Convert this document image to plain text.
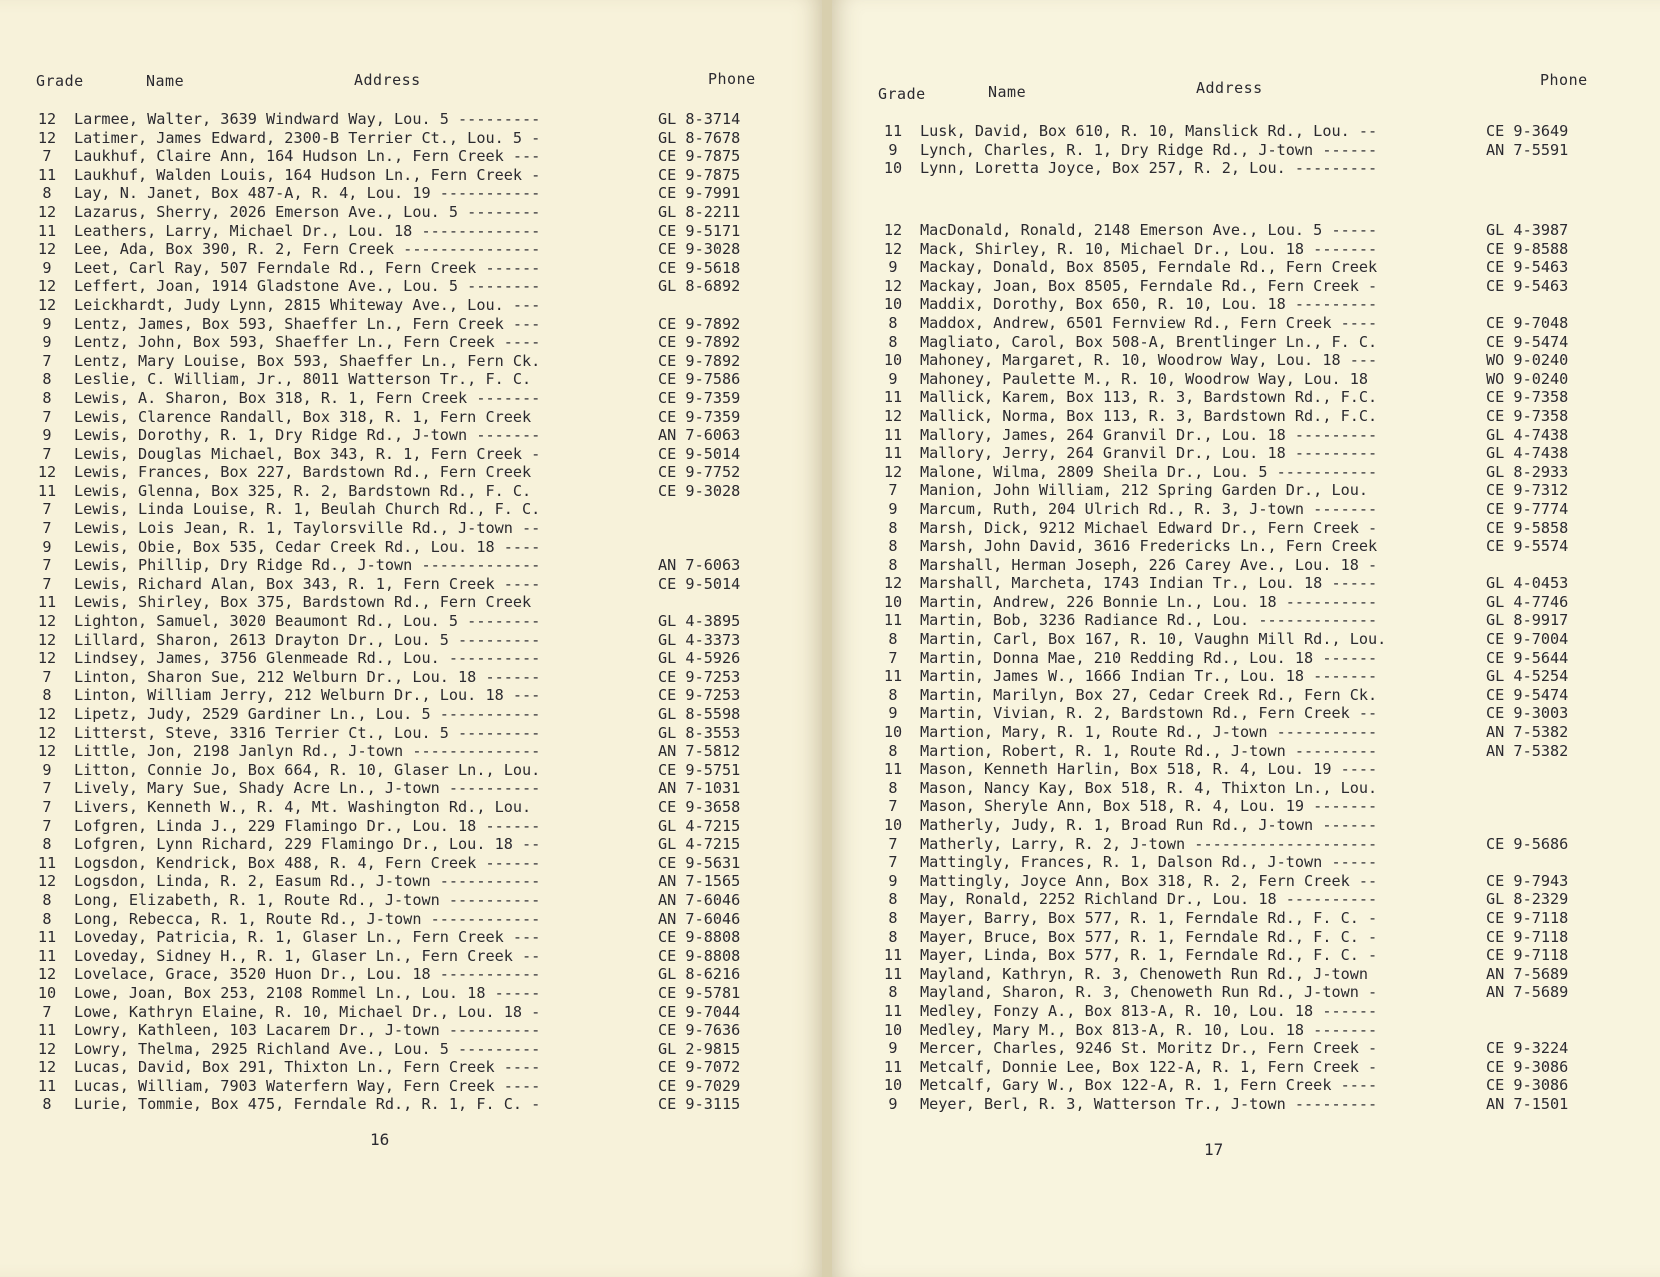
Grade	Name	Address	Phone
12	Larmee, Walter, 3639 Windward Way, Lou. 5 ---------	GL 8-3714
12	Latimer, James Edward, 2300-B Terrier Ct., Lou. 5 -	GL 8-7678
7	Laukhuf, Claire Ann, 164 Hudson Ln., Fern Creek ---	CE 9-7875
11	Laukhuf, Walden Louis, 164 Hudson Ln., Fern Creek -	CE 9-7875
8	Lay, N. Janet, Box 487-A, R. 4, Lou. 19 -----------	CE 9-7991
12	Lazarus, Sherry, 2026 Emerson Ave., Lou. 5 --------	GL 8-2211
11	Leathers, Larry, Michael Dr., Lou. 18 -------------	CE 9-5171
12	Lee, Ada, Box 390, R. 2, Fern Creek ---------------	CE 9-3028
9	Leet, Carl Ray, 507 Ferndale Rd., Fern Creek ------	CE 9-5618
12	Leffert, Joan, 1914 Gladstone Ave., Lou. 5 --------	GL 8-6892
12	Leickhardt, Judy Lynn, 2815 Whiteway Ave., Lou. ---
9	Lentz, James, Box 593, Shaeffer Ln., Fern Creek ---	CE 9-7892
9	Lentz, John, Box 593, Shaeffer Ln., Fern Creek ----	CE 9-7892
7	Lentz, Mary Louise, Box 593, Shaeffer Ln., Fern Ck.	CE 9-7892
8	Leslie, C. William, Jr., 8011 Watterson Tr., F. C.	CE 9-7586
8	Lewis, A. Sharon, Box 318, R. 1, Fern Creek -------	CE 9-7359
7	Lewis, Clarence Randall, Box 318, R. 1, Fern Creek	CE 9-7359
9	Lewis, Dorothy, R. 1, Dry Ridge Rd., J-town -------	AN 7-6063
7	Lewis, Douglas Michael, Box 343, R. 1, Fern Creek -	CE 9-5014
12	Lewis, Frances, Box 227, Bardstown Rd., Fern Creek	CE 9-7752
11	Lewis, Glenna, Box 325, R. 2, Bardstown Rd., F. C.	CE 9-3028
7	Lewis, Linda Louise, R. 1, Beulah Church Rd., F. C.
7	Lewis, Lois Jean, R. 1, Taylorsville Rd., J-town --
9	Lewis, Obie, Box 535, Cedar Creek Rd., Lou. 18 ----
7	Lewis, Phillip, Dry Ridge Rd., J-town -------------	AN 7-6063
7	Lewis, Richard Alan, Box 343, R. 1, Fern Creek ----	CE 9-5014
11	Lewis, Shirley, Box 375, Bardstown Rd., Fern Creek
12	Lighton, Samuel, 3020 Beaumont Rd., Lou. 5 --------	GL 4-3895
12	Lillard, Sharon, 2613 Drayton Dr., Lou. 5 ---------	GL 4-3373
12	Lindsey, James, 3756 Glenmeade Rd., Lou. ----------	GL 4-5926
7	Linton, Sharon Sue, 212 Welburn Dr., Lou. 18 ------	CE 9-7253
8	Linton, William Jerry, 212 Welburn Dr., Lou. 18 ---	CE 9-7253
12	Lipetz, Judy, 2529 Gardiner Ln., Lou. 5 -----------	GL 8-5598
12	Litterst, Steve, 3316 Terrier Ct., Lou. 5 ---------	GL 8-3553
12	Little, Jon, 2198 Janlyn Rd., J-town --------------	AN 7-5812
9	Litton, Connie Jo, Box 664, R. 10, Glaser Ln., Lou.	CE 9-5751
7	Lively, Mary Sue, Shady Acre Ln., J-town ----------	AN 7-1031
7	Livers, Kenneth W., R. 4, Mt. Washington Rd., Lou.	CE 9-3658
7	Lofgren, Linda J., 229 Flamingo Dr., Lou. 18 ------	GL 4-7215
8	Lofgren, Lynn Richard, 229 Flamingo Dr., Lou. 18 --	GL 4-7215
11	Logsdon, Kendrick, Box 488, R. 4, Fern Creek ------	CE 9-5631
12	Logsdon, Linda, R. 2, Easum Rd., J-town -----------	AN 7-1565
8	Long, Elizabeth, R. 1, Route Rd., J-town ----------	AN 7-6046
8	Long, Rebecca, R. 1, Route Rd., J-town ------------	AN 7-6046
11	Loveday, Patricia, R. 1, Glaser Ln., Fern Creek ---	CE 9-8808
11	Loveday, Sidney H., R. 1, Glaser Ln., Fern Creek --	CE 9-8808
12	Lovelace, Grace, 3520 Huon Dr., Lou. 18 -----------	GL 8-6216
10	Lowe, Joan, Box 253, 2108 Rommel Ln., Lou. 18 -----	CE 9-5781
7	Lowe, Kathryn Elaine, R. 10, Michael Dr., Lou. 18 -	CE 9-7044
11	Lowry, Kathleen, 103 Lacarem Dr., J-town ----------	CE 9-7636
12	Lowry, Thelma, 2925 Richland Ave., Lou. 5 ---------	GL 2-9815
12	Lucas, David, Box 291, Thixton Ln., Fern Creek ----	CE 9-7072
11	Lucas, William, 7903 Waterfern Way, Fern Creek ----	CE 9-7029
8	Lurie, Tommie, Box 475, Ferndale Rd., R. 1, F. C. -	CE 9-3115
16
Grade	Name	Address	Phone
11	Lusk, David, Box 610, R. 10, Manslick Rd., Lou. --	CE 9-3649
9	Lynch, Charles, R. 1, Dry Ridge Rd., J-town ------	AN 7-5591
10	Lynn, Loretta Joyce, Box 257, R. 2, Lou. ---------
12	MacDonald, Ronald, 2148 Emerson Ave., Lou. 5 -----	GL 4-3987
12	Mack, Shirley, R. 10, Michael Dr., Lou. 18 -------	CE 9-8588
9	Mackay, Donald, Box 8505, Ferndale Rd., Fern Creek	CE 9-5463
12	Mackay, Joan, Box 8505, Ferndale Rd., Fern Creek -	CE 9-5463
10	Maddix, Dorothy, Box 650, R. 10, Lou. 18 ---------
8	Maddox, Andrew, 6501 Fernview Rd., Fern Creek ----	CE 9-7048
8	Magliato, Carol, Box 508-A, Brentlinger Ln., F. C.	CE 9-5474
10	Mahoney, Margaret, R. 10, Woodrow Way, Lou. 18 ---	WO 9-0240
9	Mahoney, Paulette M., R. 10, Woodrow Way, Lou. 18	WO 9-0240
11	Mallick, Karem, Box 113, R. 3, Bardstown Rd., F.C.	CE 9-7358
12	Mallick, Norma, Box 113, R. 3, Bardstown Rd., F.C.	CE 9-7358
11	Mallory, James, 264 Granvil Dr., Lou. 18 ---------	GL 4-7438
11	Mallory, Jerry, 264 Granvil Dr., Lou. 18 ---------	GL 4-7438
12	Malone, Wilma, 2809 Sheila Dr., Lou. 5 -----------	GL 8-2933
7	Manion, John William, 212 Spring Garden Dr., Lou.	CE 9-7312
9	Marcum, Ruth, 204 Ulrich Rd., R. 3, J-town -------	CE 9-7774
8	Marsh, Dick, 9212 Michael Edward Dr., Fern Creek -	CE 9-5858
8	Marsh, John David, 3616 Fredericks Ln., Fern Creek	CE 9-5574
8	Marshall, Herman Joseph, 226 Carey Ave., Lou. 18 -
12	Marshall, Marcheta, 1743 Indian Tr., Lou. 18 -----	GL 4-0453
10	Martin, Andrew, 226 Bonnie Ln., Lou. 18 ----------	GL 4-7746
11	Martin, Bob, 3236 Radiance Rd., Lou. -------------	GL 8-9917
8	Martin, Carl, Box 167, R. 10, Vaughn Mill Rd., Lou.	CE 9-7004
7	Martin, Donna Mae, 210 Redding Rd., Lou. 18 ------	CE 9-5644
11	Martin, James W., 1666 Indian Tr., Lou. 18 -------	GL 4-5254
8	Martin, Marilyn, Box 27, Cedar Creek Rd., Fern Ck.	CE 9-5474
9	Martin, Vivian, R. 2, Bardstown Rd., Fern Creek --	CE 9-3003
10	Martion, Mary, R. 1, Route Rd., J-town -----------	AN 7-5382
8	Martion, Robert, R. 1, Route Rd., J-town ---------	AN 7-5382
11	Mason, Kenneth Harlin, Box 518, R. 4, Lou. 19 ----
8	Mason, Nancy Kay, Box 518, R. 4, Thixton Ln., Lou.
7	Mason, Sheryle Ann, Box 518, R. 4, Lou. 19 -------
10	Matherly, Judy, R. 1, Broad Run Rd., J-town ------
7	Matherly, Larry, R. 2, J-town --------------------	CE 9-5686
7	Mattingly, Frances, R. 1, Dalson Rd., J-town -----
9	Mattingly, Joyce Ann, Box 318, R. 2, Fern Creek --	CE 9-7943
8	May, Ronald, 2252 Richland Dr., Lou. 18 ----------	GL 8-2329
8	Mayer, Barry, Box 577, R. 1, Ferndale Rd., F. C. -	CE 9-7118
8	Mayer, Bruce, Box 577, R. 1, Ferndale Rd., F. C. -	CE 9-7118
11	Mayer, Linda, Box 577, R. 1, Ferndale Rd., F. C. -	CE 9-7118
11	Mayland, Kathryn, R. 3, Chenoweth Run Rd., J-town	AN 7-5689
8	Mayland, Sharon, R. 3, Chenoweth Run Rd., J-town -	AN 7-5689
11	Medley, Fonzy A., Box 813-A, R. 10, Lou. 18 ------
10	Medley, Mary M., Box 813-A, R. 10, Lou. 18 -------
9	Mercer, Charles, 9246 St. Moritz Dr., Fern Creek -	CE 9-3224
11	Metcalf, Donnie Lee, Box 122-A, R. 1, Fern Creek -	CE 9-3086
10	Metcalf, Gary W., Box 122-A, R. 1, Fern Creek ----	CE 9-3086
9	Meyer, Berl, R. 3, Watterson Tr., J-town ---------	AN 7-1501
17
